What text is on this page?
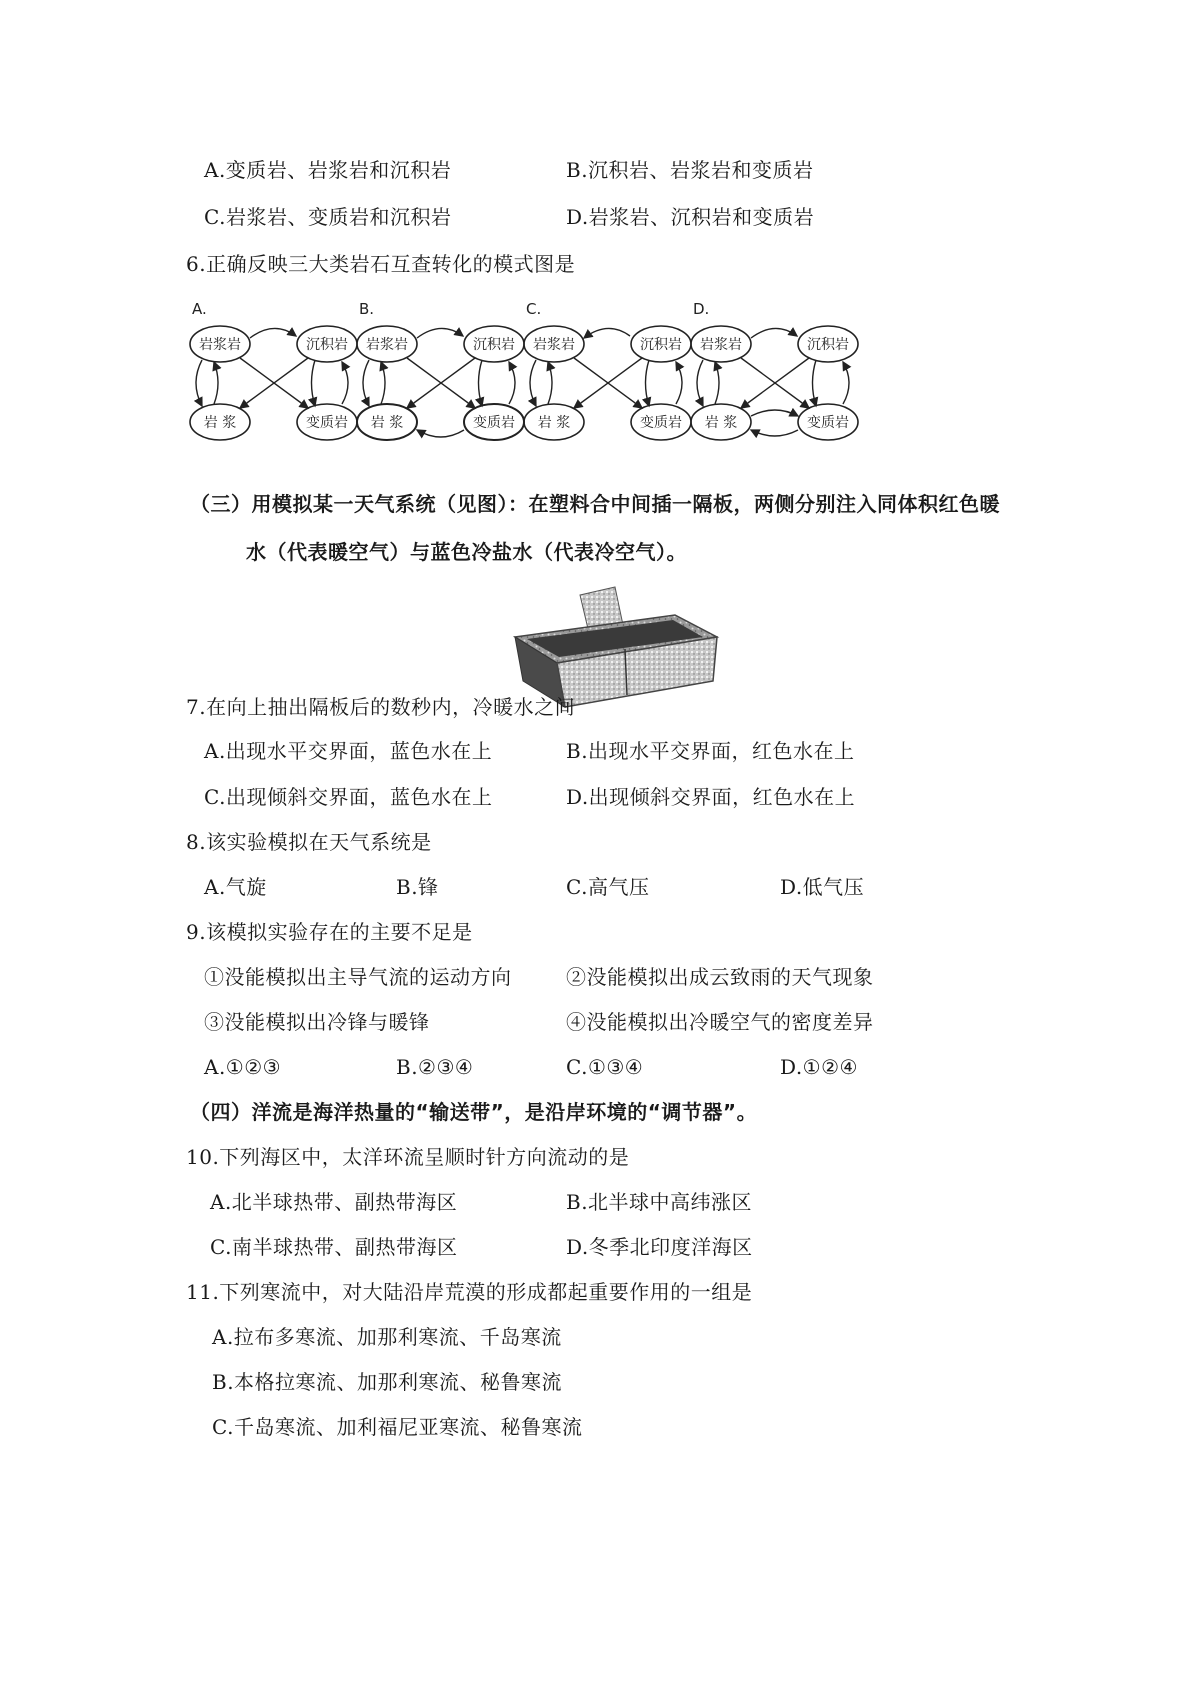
A.变质岩、岩浆岩和沉积岩	B.沉积岩、岩浆岩和变质岩
C.岩浆岩、变质岩和沉积岩	D.岩浆岩、沉积岩和变质岩
6.正确反映三大类岩石互查转化的模式图是
A.
岩浆岩	沉积岩
岩 浆	变质岩
B.
岩浆岩	沉积岩
岩 浆	变质岩
C.
岩浆岩	沉积岩
岩 浆	变质岩
D.
岩浆岩	沉积岩
岩 浆	变质岩
（三）用模拟某一天气系统（见图）：在塑料合中间插一隔板，两侧分别注入同体积红色暖
水（代表暖空气）与蓝色冷盐水（代表冷空气）。
7.在向上抽出隔板后的数秒内，冷暖水之间
A.出现水平交界面，蓝色水在上	B.出现水平交界面，红色水在上
C.出现倾斜交界面，蓝色水在上	D.出现倾斜交界面，红色水在上
8.该实验模拟在天气系统是
A.气旋	B.锋	C.高气压	D.低气压
9.该模拟实验存在的主要不足是
①没能模拟出主导气流的运动方向	②没能模拟出成云致雨的天气现象
③没能模拟出冷锋与暖锋	④没能模拟出冷暖空气的密度差异
A.①②③	B.②③④	C.①③④	D.①②④
（四）洋流是海洋热量的“输送带”，是沿岸环境的“调节器”。
10.下列海区中，太洋环流呈顺时针方向流动的是
A.北半球热带、副热带海区	B.北半球中高纬涨区
C.南半球热带、副热带海区	D.冬季北印度洋海区
11.下列寒流中，对大陆沿岸荒漠的形成都起重要作用的一组是
A.拉布多寒流、加那利寒流、千岛寒流
B.本格拉寒流、加那利寒流、秘鲁寒流
C.千岛寒流、加利福尼亚寒流、秘鲁寒流
